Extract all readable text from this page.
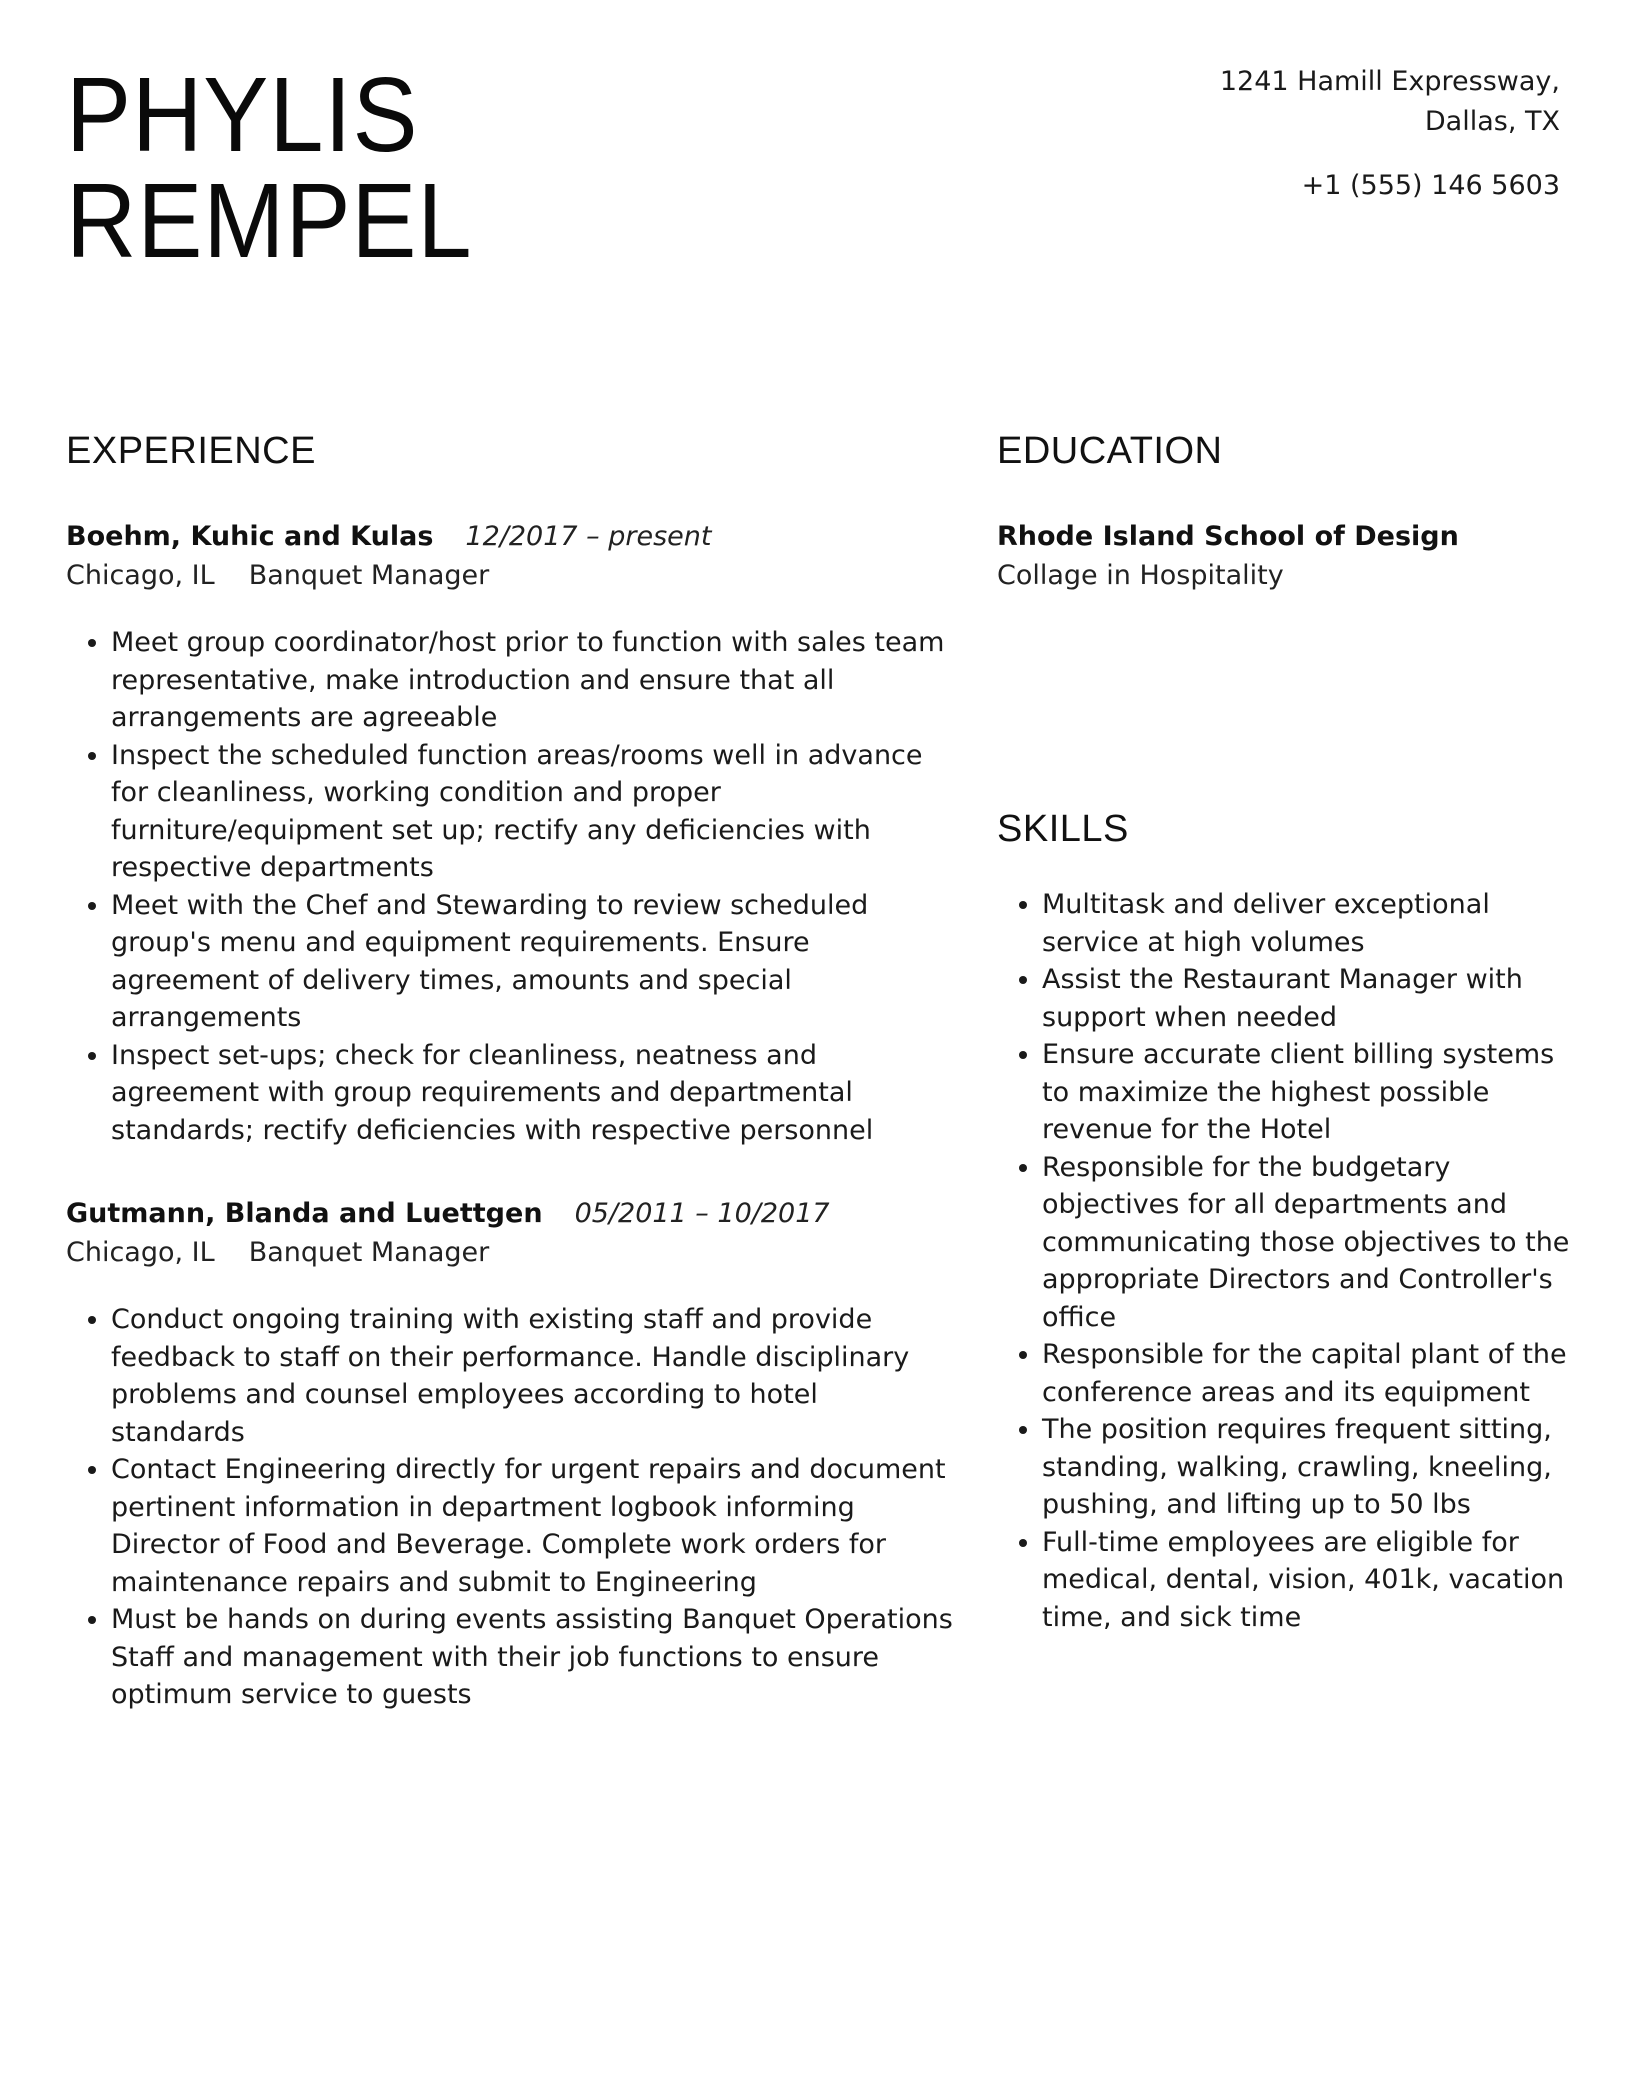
PHYLIS
REMPEL
1241 Hamill Expressway,
Dallas, TX
+1 (555) 146 5603
EXPERIENCE
Boehm, Kuhic and Kulas 12/2017 – present
Chicago, IL Banquet Manager
• Meet group coordinator/host prior to function with sales team representative, make introduction and ensure that all arrangements are agreeable
• Inspect the scheduled function areas/rooms well in advance for cleanliness, working condition and proper furniture/equipment set up; rectify any deficiencies with respective departments
• Meet with the Chef and Stewarding to review scheduled group's menu and equipment requirements. Ensure agreement of delivery times, amounts and special arrangements
• Inspect set-ups; check for cleanliness, neatness and agreement with group requirements and departmental standards; rectify deficiencies with respective personnel
Gutmann, Blanda and Luettgen 05/2011 – 10/2017
Chicago, IL Banquet Manager
• Conduct ongoing training with existing staff and provide feedback to staff on their performance. Handle disciplinary problems and counsel employees according to hotel standards
• Contact Engineering directly for urgent repairs and document pertinent information in department logbook informing Director of Food and Beverage. Complete work orders for maintenance repairs and submit to Engineering
• Must be hands on during events assisting Banquet Operations Staff and management with their job functions to ensure optimum service to guests
EDUCATION
Rhode Island School of Design
Collage in Hospitality
SKILLS
• Multitask and deliver exceptional service at high volumes
• Assist the Restaurant Manager with support when needed
• Ensure accurate client billing systems to maximize the highest possible revenue for the Hotel
• Responsible for the budgetary objectives for all departments and communicating those objectives to the appropriate Directors and Controller's office
• Responsible for the capital plant of the conference areas and its equipment
• The position requires frequent sitting, standing, walking, crawling, kneeling, pushing, and lifting up to 50 lbs
• Full-time employees are eligible for medical, dental, vision, 401k, vacation time, and sick time
